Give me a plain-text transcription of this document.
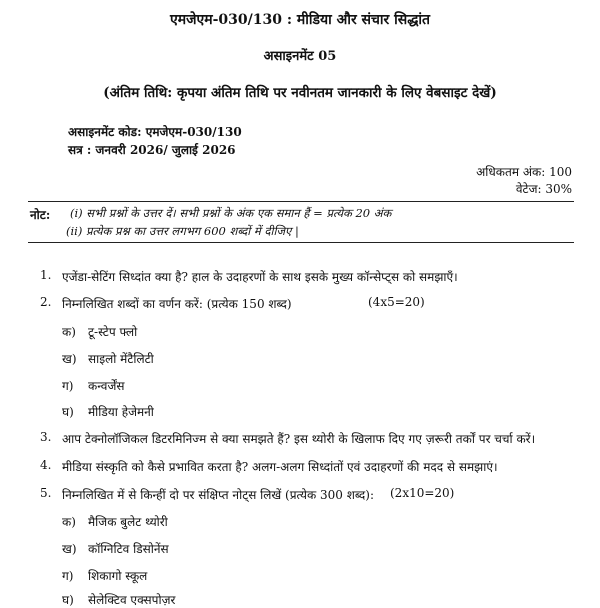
एमजेएम-030/130 : मीडिया और संचार सिद्धांत
असाइनमेंट 05
(अंतिम तिथि: कृपया अंतिम तिथि पर नवीनतम जानकारी के लिए वेबसाइट देखें)
असाइनमेंट कोड: एमजेएम-030/130
सत्र : जनवरी 2026/ जुलाई 2026
अधिकतम अंक: 100
वेटेज: 30%
नोट: (i) सभी प्रश्नों के उत्तर दें। सभी प्रश्नों के अंक एक समान हैं = प्रत्येक 20 अंक
(ii) प्रत्येक प्रश्न का उत्तर लगभग 600 शब्दों में दीजिए |
1. एजेंडा-सेटिंग सिध्दांत क्या है? हाल के उदाहरणों के साथ इसके मुख्य कॉन्सेप्ट्स को समझाएँ।
2. निम्नलिखित शब्दों का वर्णन करें: (प्रत्येक 150 शब्द)	(4x5=20)
क) टू-स्टेप फ्लो
ख) साइलो मेंटैलिटी
ग) कन्वर्जेंस
घ) मीडिया हेजेमनी
3. आप टेक्नोलॉजिकल डिटरमिनिज्म से क्या समझते हैं? इस थ्योरी के खिलाफ दिए गए ज़रूरी तर्कों पर चर्चा करें।
4. मीडिया संस्कृति को कैसे प्रभावित करता है? अलग-अलग सिध्दांतों एवं उदाहरणों की मदद से समझाएं।
5. निम्नलिखित में से किन्हीं दो पर संक्षिप्त नोट्स लिखें (प्रत्येक 300 शब्द): (2x10=20)
क) मैजिक बुलेट थ्योरी
ख) कॉग्निटिव डिसोनेंस
ग) शिकागो स्कूल
घ) सेलेक्टिव एक्सपोज़र
